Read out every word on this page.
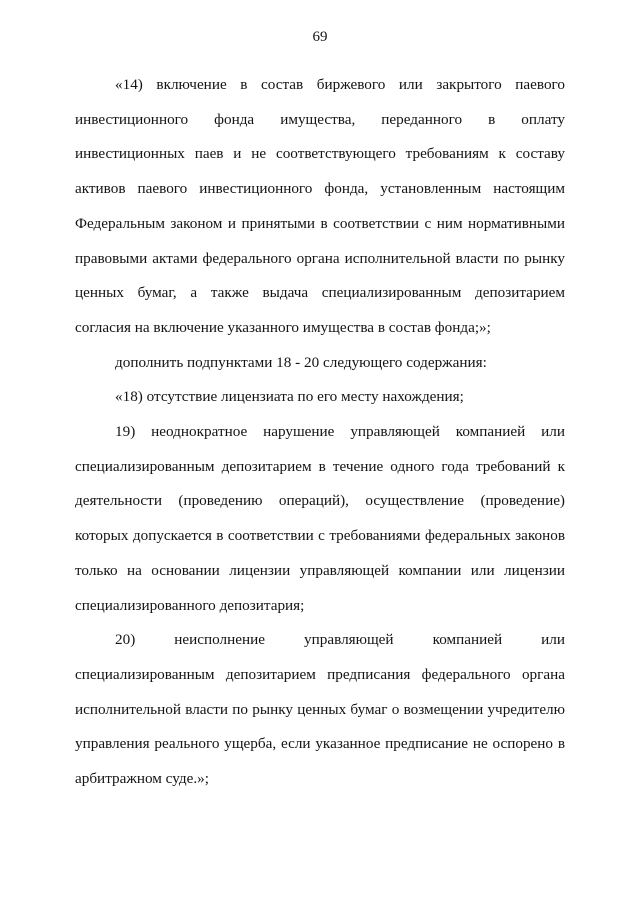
69

«14) включение в состав биржевого или закрытого паевого инвестиционного фонда имущества, переданного в оплату инвестиционных паев и не соответствующего требованиям к составу активов паевого инвестиционного фонда, установленным настоящим Федеральным законом и принятыми в соответствии с ним нормативными правовыми актами федерального органа исполнительной власти по рынку ценных бумаг, а также выдача специализированным депозитарием согласия на включение указанного имущества в состав фонда;»;

дополнить подпунктами 18 - 20 следующего содержания:

«18) отсутствие лицензиата по его месту нахождения;

19) неоднократное нарушение управляющей компанией или специализированным депозитарием в течение одного года требований к деятельности (проведению операций), осуществление (проведение) которых допускается в соответствии с требованиями федеральных законов только на основании лицензии управляющей компании или лицензии специализированного депозитария;

20) неисполнение управляющей компанией или специализированным депозитарием предписания федерального органа исполнительной власти по рынку ценных бумаг о возмещении учредителю управления реального ущерба, если указанное предписание не оспорено в арбитражном суде.»;
